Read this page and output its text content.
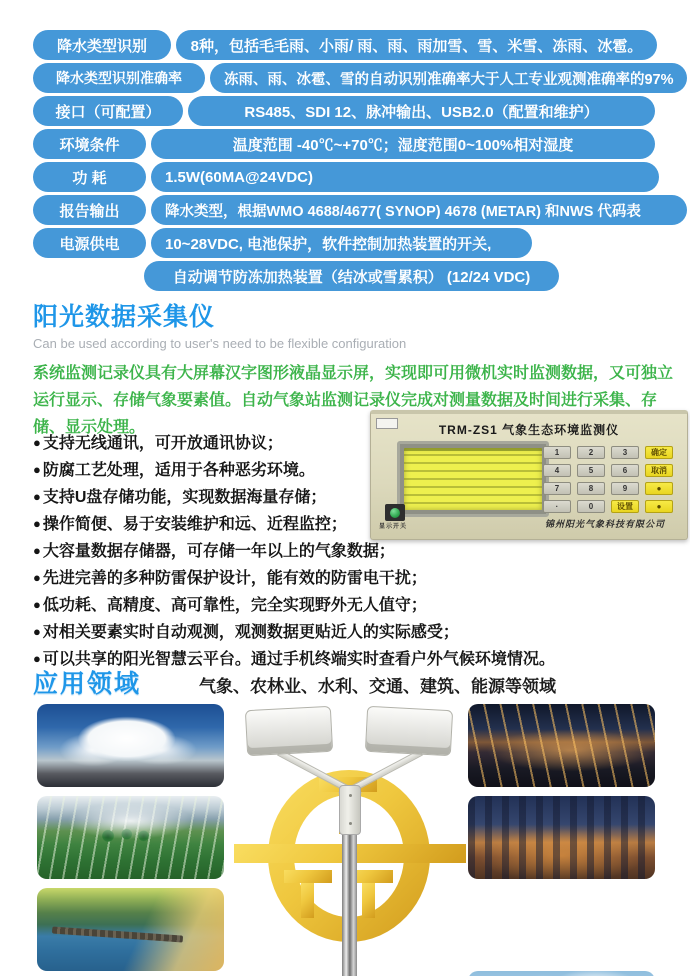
降水类型识别	8种，包括毛毛雨、小雨/ 雨、雨、雨加雪、雪、米雪、冻雨、冰雹。
降水类型识别准确率	冻雨、雨、冰雹、雪的自动识别准确率大于人工专业观测准确率的97%
接口（可配置）	RS485、SDI 12、脉冲输出、USB2.0（配置和维护）
环境条件	温度范围 -40℃~+70℃；湿度范围0~100%相对湿度
功 耗	1.5W(60MA@24VDC)
报告输出	降水类型，根据WMO 4688/4677( SYNOP) 4678 (METAR) 和NWS 代码表
电源供电	10~28VDC, 电池保护，软件控制加热装置的开关,
自动调节防冻加热装置（结冰或雪累积） (12/24 VDC)
阳光数据采集仪
Can be used according to user's need to be flexible configuration
系统监测记录仪具有大屏幕汉字图形液晶显示屏，实现即可用微机实时监测数据，又可独立运行显示、存储气象要素值。自动气象站监测记录仪完成对测量数据及时间进行采集、存储、显示处理。	TRM-ZS1 气象生态环境监测仪
1	2	3	确定
4	5	6	取消
7	8	9	●
·	0	设置	●
显示开关	锦州阳光气象科技有限公司
● 支持无线通讯，可开放通讯协议；
● 防腐工艺处理，适用于各种恶劣环境。
● 支持U盘存储功能，实现数据海量存储；
● 操作简便、易于安装维护和远、近程监控；
● 大容量数据存储器，可存储一年以上的气象数据；
● 先进完善的多种防雷保护设计，能有效的防雷电干扰；
● 低功耗、高精度、高可靠性，完全实现野外无人值守；
● 对相关要素实时自动观测，观测数据更贴近人的实际感受；
● 可以共享的阳光智慧云平台。通过手机终端实时查看户外气候环境情况。
应用领域	气象、农林业、水利、交通、建筑、能源等领域
